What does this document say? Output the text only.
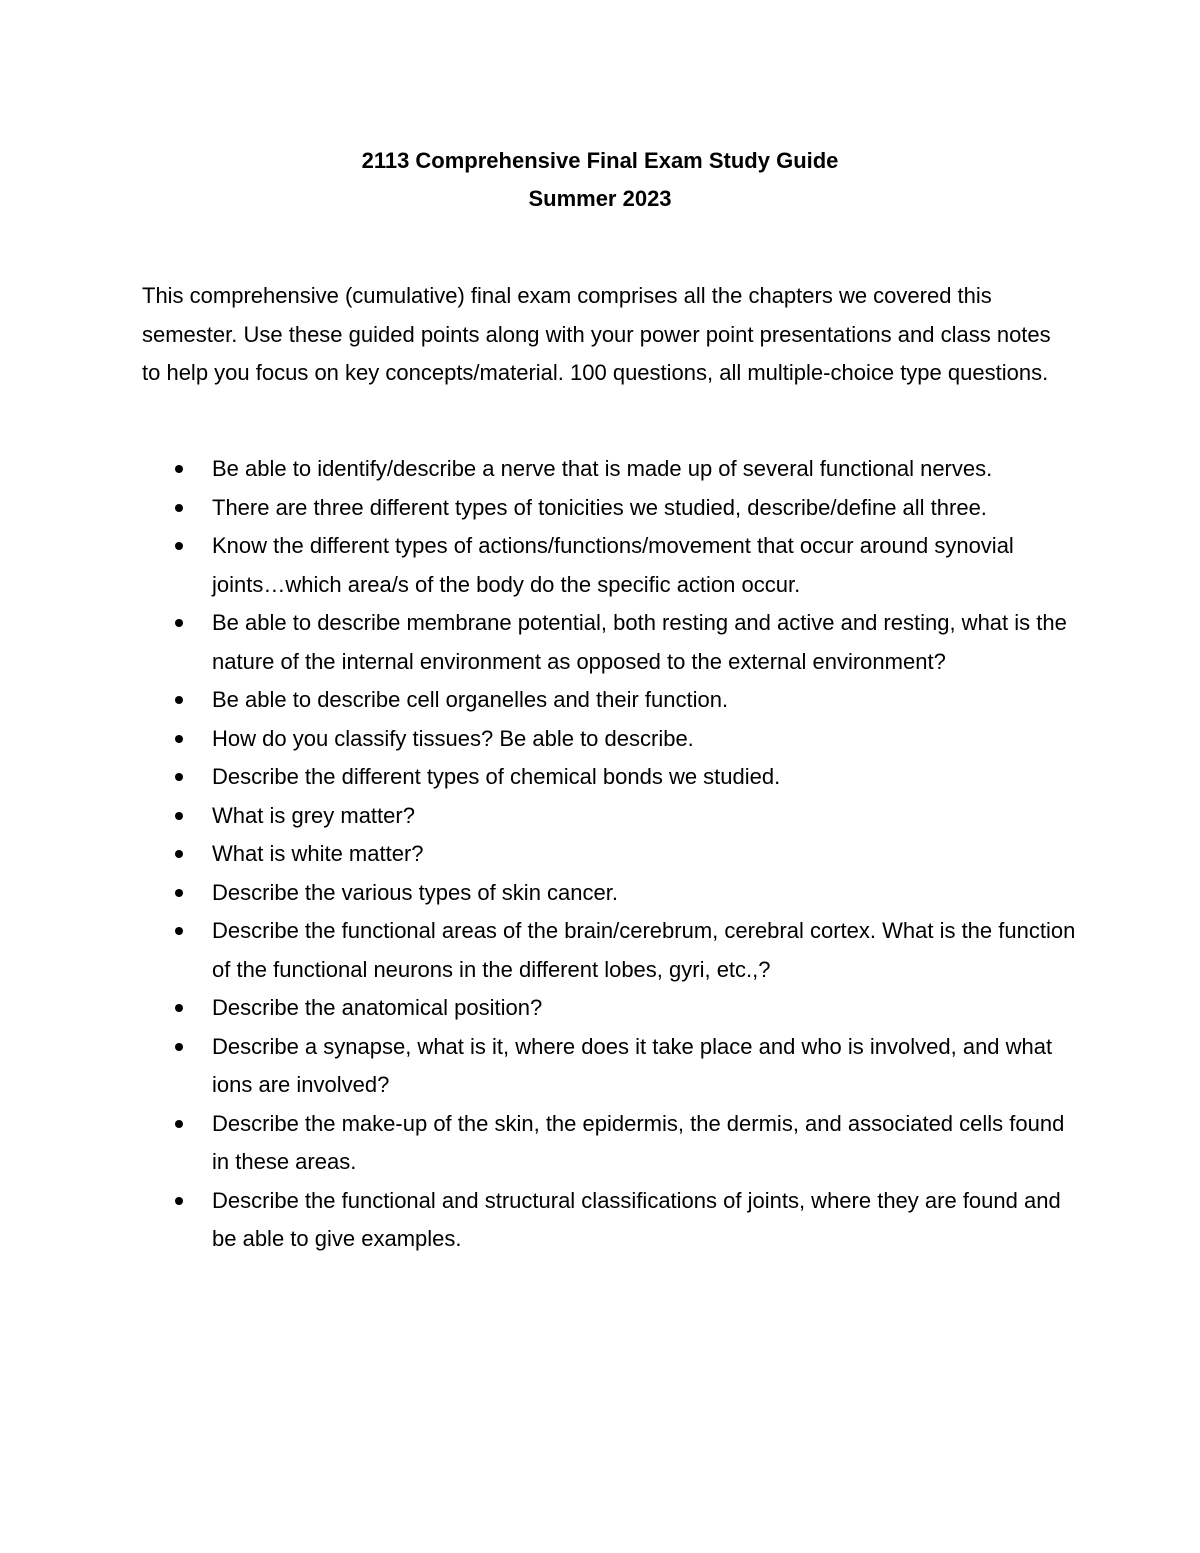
2113 Comprehensive Final Exam Study Guide
Summer 2023

This comprehensive (cumulative) final exam comprises all the chapters we covered this semester. Use these guided points along with your power point presentations and class notes to help you focus on key concepts/material. 100 questions, all multiple-choice type questions.

Be able to identify/describe a nerve that is made up of several functional nerves.
There are three different types of tonicities we studied, describe/define all three.
Know the different types of actions/functions/movement that occur around synovial joints…which area/s of the body do the specific action occur.
Be able to describe membrane potential, both resting and active and resting, what is the nature of the internal environment as opposed to the external environment?
Be able to describe cell organelles and their function.
How do you classify tissues? Be able to describe.
Describe the different types of chemical bonds we studied.
What is grey matter?
What is white matter?
Describe the various types of skin cancer.
Describe the functional areas of the brain/cerebrum, cerebral cortex. What is the function of the functional neurons in the different lobes, gyri, etc.,?
Describe the anatomical position?
Describe a synapse, what is it, where does it take place and who is involved, and what ions are involved?
Describe the make-up of the skin, the epidermis, the dermis, and associated cells found in these areas.
Describe the functional and structural classifications of joints, where they are found and be able to give examples.
